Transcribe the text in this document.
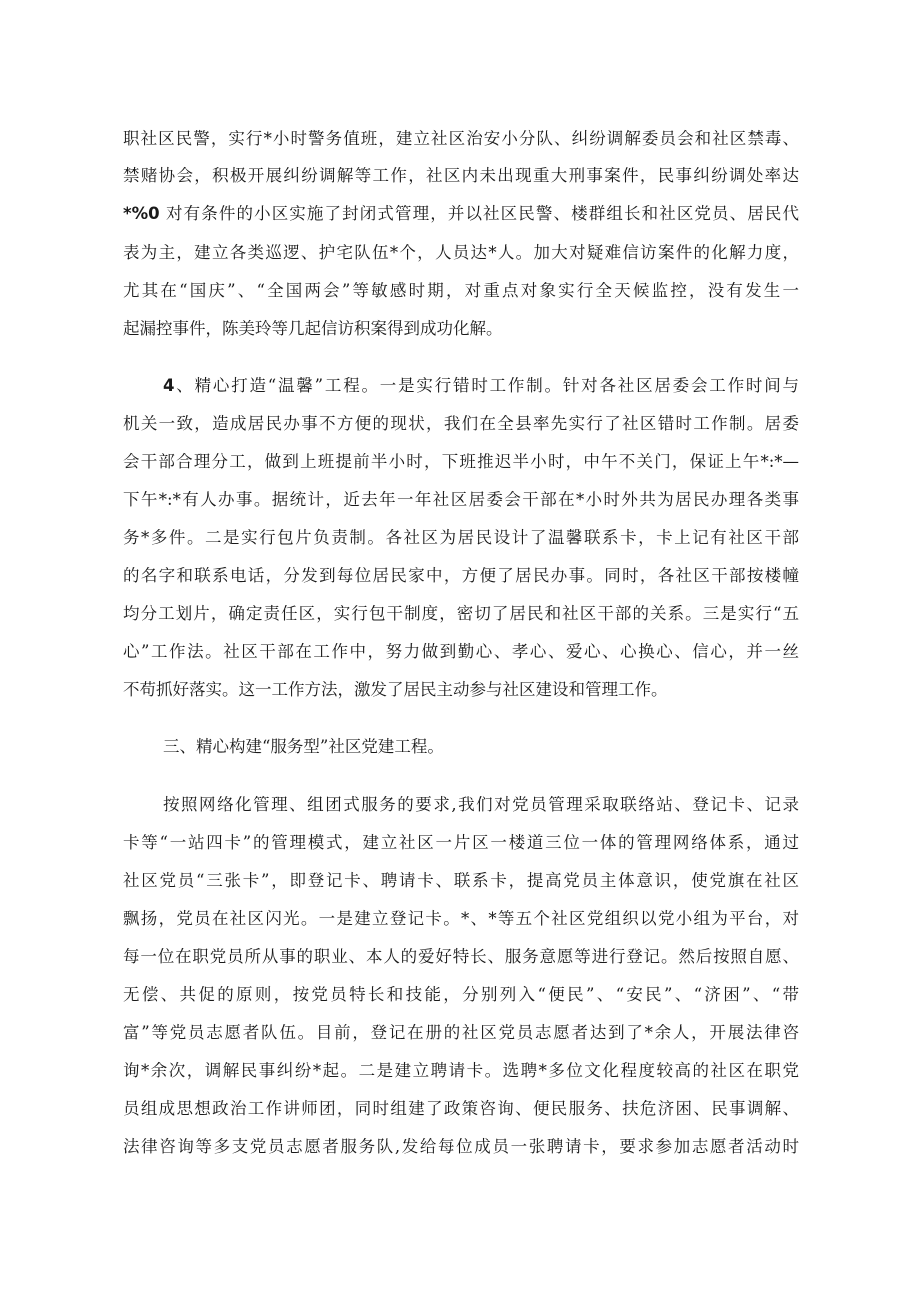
职社区民警，实行*小时警务值班，建立社区治安小分队、纠纷调解委员会和社区禁毒、
禁赌协会，积极开展纠纷调解等工作，社区内未出现重大刑事案件，民事纠纷调处率达
*%0 对有条件的小区实施了封闭式管理，并以社区民警、楼群组长和社区党员、居民代
表为主，建立各类巡逻、护宅队伍*个，人员达*人。加大对疑难信访案件的化解力度，
尤其在“国庆”、“全国两会”等敏感时期，对重点对象实行全天候监控，没有发生一
起漏控事件，陈美玲等几起信访积案得到成功化解。
4、精心打造“温馨”工程。一是实行错时工作制。针对各社区居委会工作时间与
机关一致，造成居民办事不方便的现状，我们在全县率先实行了社区错时工作制。居委
会干部合理分工，做到上班提前半小时，下班推迟半小时，中午不关门，保证上午*:*—
下午*:*有人办事。据统计，近去年一年社区居委会干部在*小时外共为居民办理各类事
务*多件。二是实行包片负责制。各社区为居民设计了温馨联系卡，卡上记有社区干部
的名字和联系电话，分发到每位居民家中，方便了居民办事。同时，各社区干部按楼幢
均分工划片，确定责任区，实行包干制度，密切了居民和社区干部的关系。三是实行“五
心”工作法。社区干部在工作中，努力做到勤心、孝心、爱心、心换心、信心，并一丝
不苟抓好落实。这一工作方法，激发了居民主动参与社区建设和管理工作。
三、精心构建“服务型”社区党建工程。
按照网络化管理、组团式服务的要求,我们对党员管理采取联络站、登记卡、记录
卡等“一站四卡”的管理模式，建立社区一片区一楼道三位一体的管理网络体系，通过
社区党员“三张卡”，即登记卡、聘请卡、联系卡，提高党员主体意识，使党旗在社区
飘扬，党员在社区闪光。一是建立登记卡。*、*等五个社区党组织以党小组为平台，对
每一位在职党员所从事的职业、本人的爱好特长、服务意愿等进行登记。然后按照自愿、
无偿、共促的原则，按党员特长和技能，分别列入“便民”、“安民”、“济困”、“带
富”等党员志愿者队伍。目前，登记在册的社区党员志愿者达到了*余人，开展法律咨
询*余次，调解民事纠纷*起。二是建立聘请卡。选聘*多位文化程度较高的社区在职党
员组成思想政治工作讲师团，同时组建了政策咨询、便民服务、扶危济困、民事调解、
法律咨询等多支党员志愿者服务队,发给每位成员一张聘请卡，要求参加志愿者活动时
